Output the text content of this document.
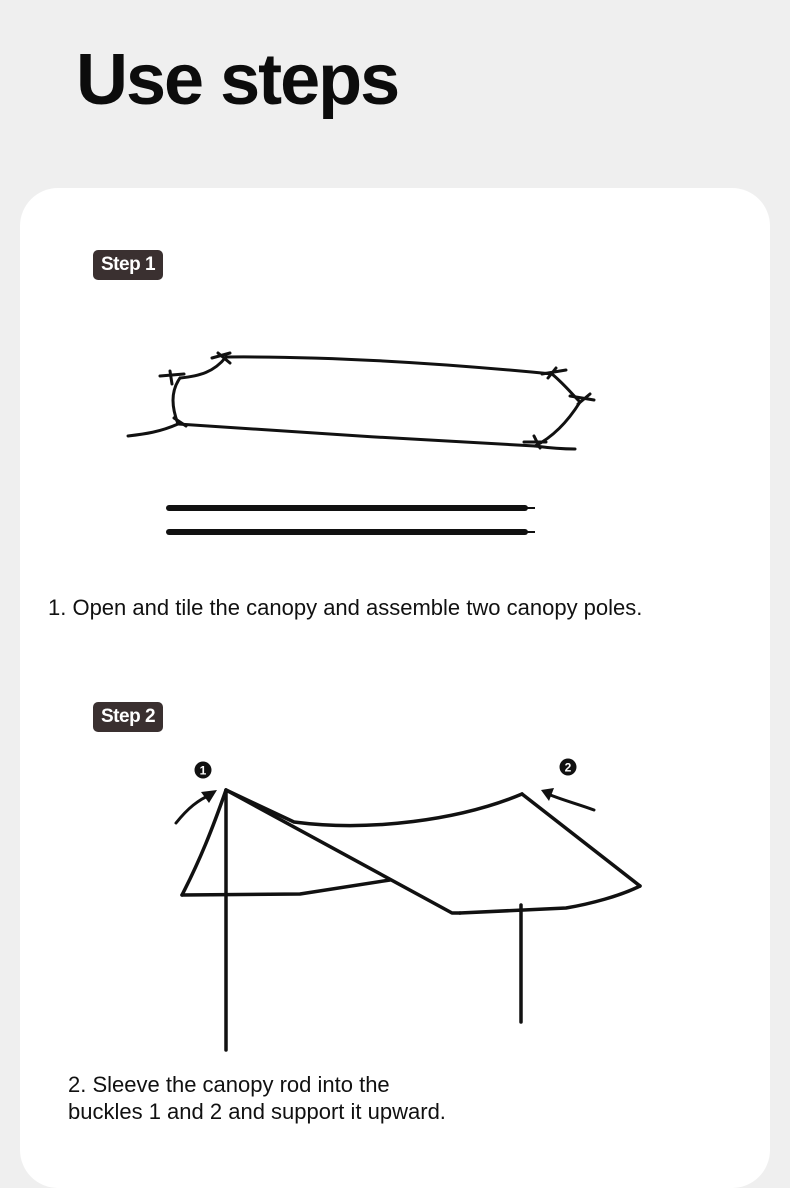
Use steps
Step 1
Step 2

1. Open and tile the canopy and assemble two canopy poles.

1	2

2. Sleeve the canopy rod into the

buckles 1 and 2 and support it upward.
